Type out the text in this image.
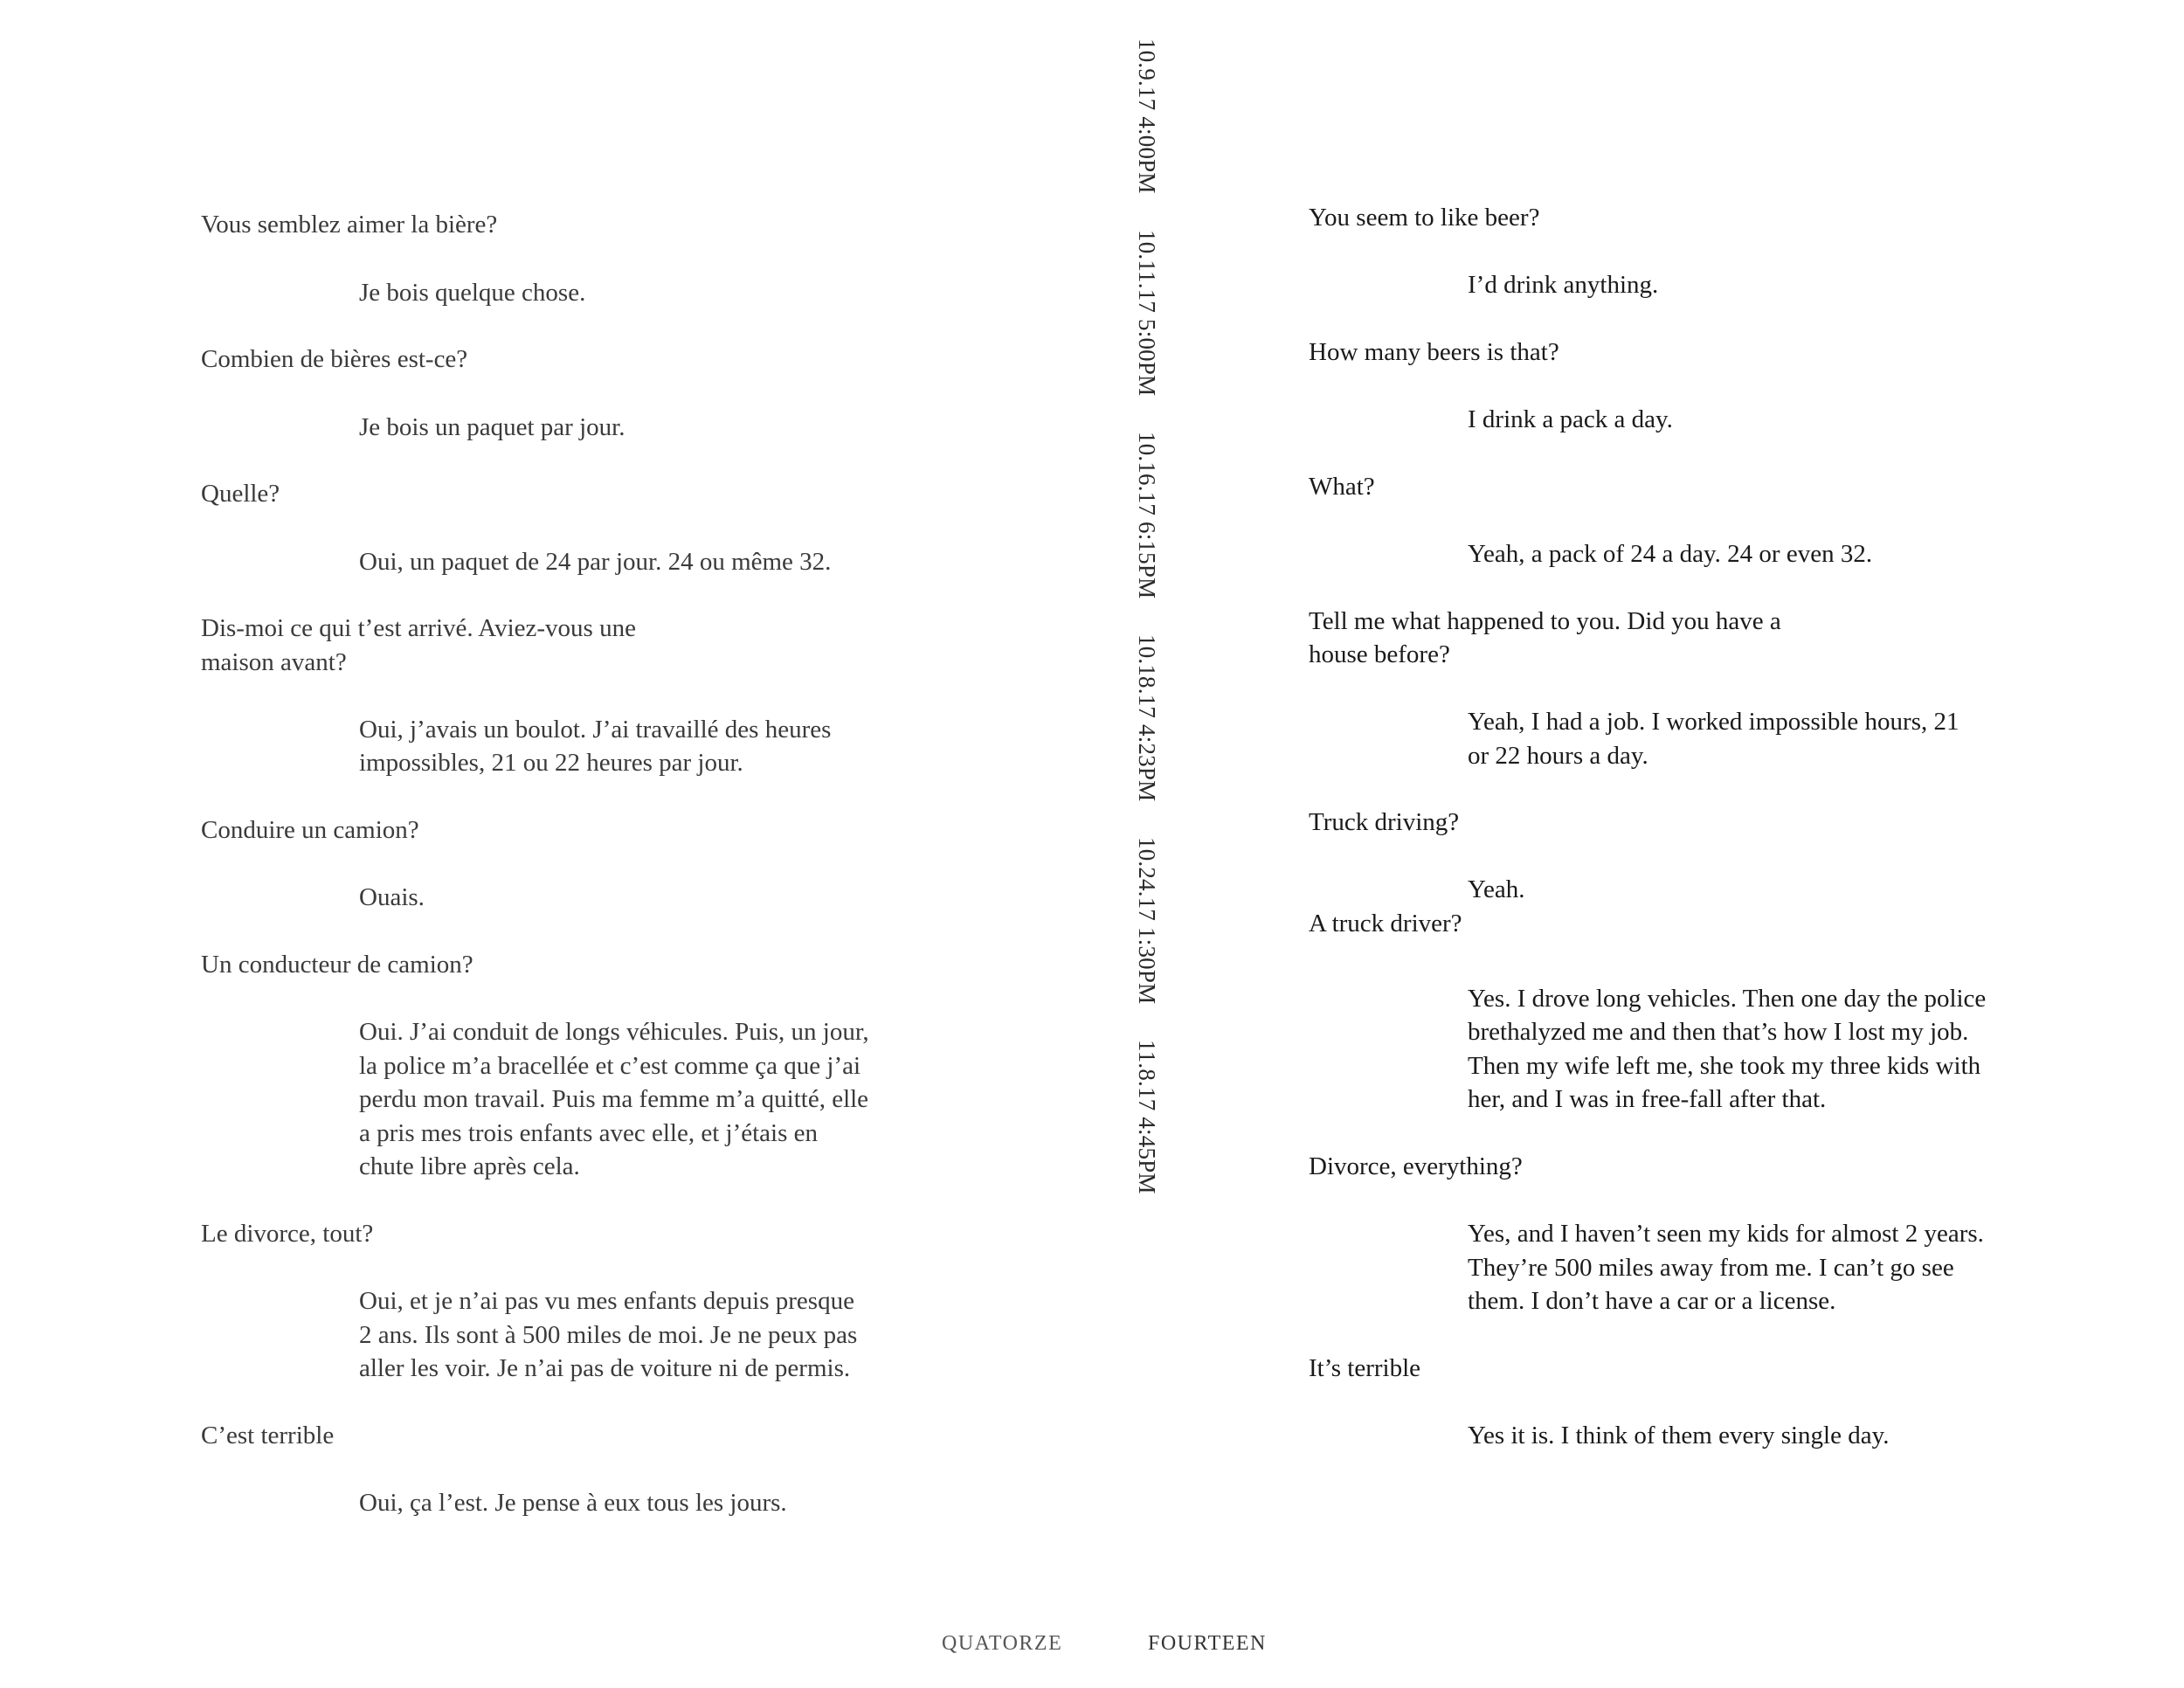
Vous semblez aimer la bière?
Je bois quelque chose.
Combien de bières est-ce?
Je bois un paquet par jour.
Quelle?
Oui, un paquet de 24 par jour. 24 ou même 32.
Dis-moi ce qui t’est arrivé. Aviez-vous une
maison avant?
Oui, j’avais un boulot. J’ai travaillé des heures
impossibles, 21 ou 22 heures par jour.
Conduire un camion?
Ouais.
Un conducteur de camion?
Oui. J’ai conduit de longs véhicules. Puis, un jour,
la police m’a bracellée et c’est comme ça que j’ai
perdu mon travail. Puis ma femme m’a quitté, elle
a pris mes trois enfants avec elle, et j’étais en
chute libre après cela.
Le divorce, tout?
Oui, et je n’ai pas vu mes enfants depuis presque
2 ans. Ils sont à 500 miles de moi. Je ne peux pas
aller les voir. Je n’ai pas de voiture ni de permis.
C’est terrible
Oui, ça l’est. Je pense à eux tous les jours.
10.9.17 4:00PM 10.11.17 5:00PM 10.16.17 6:15PM 10.18.17 4:23PM 10.24.17 1:30PM 11.8.17 4:45PM
You seem to like beer?
I’d drink anything.
How many beers is that?
I drink a pack a day.
What?
Yeah, a pack of 24 a day. 24 or even 32.
Tell me what happened to you. Did you have a
house before?
Yeah, I had a job. I worked impossible hours, 21
or 22 hours a day.
Truck driving?
Yeah.
A truck driver?
Yes. I drove long vehicles. Then one day the police
brethalyzed me and then that’s how I lost my job.
Then my wife left me, she took my three kids with
her, and I was in free-fall after that.
Divorce, everything?
Yes, and I haven’t seen my kids for almost 2 years.
They’re 500 miles away from me. I can’t go see
them. I don’t have a car or a license.
It’s terrible
Yes it is. I think of them every single day.
QUATORZE	FOURTEEN
